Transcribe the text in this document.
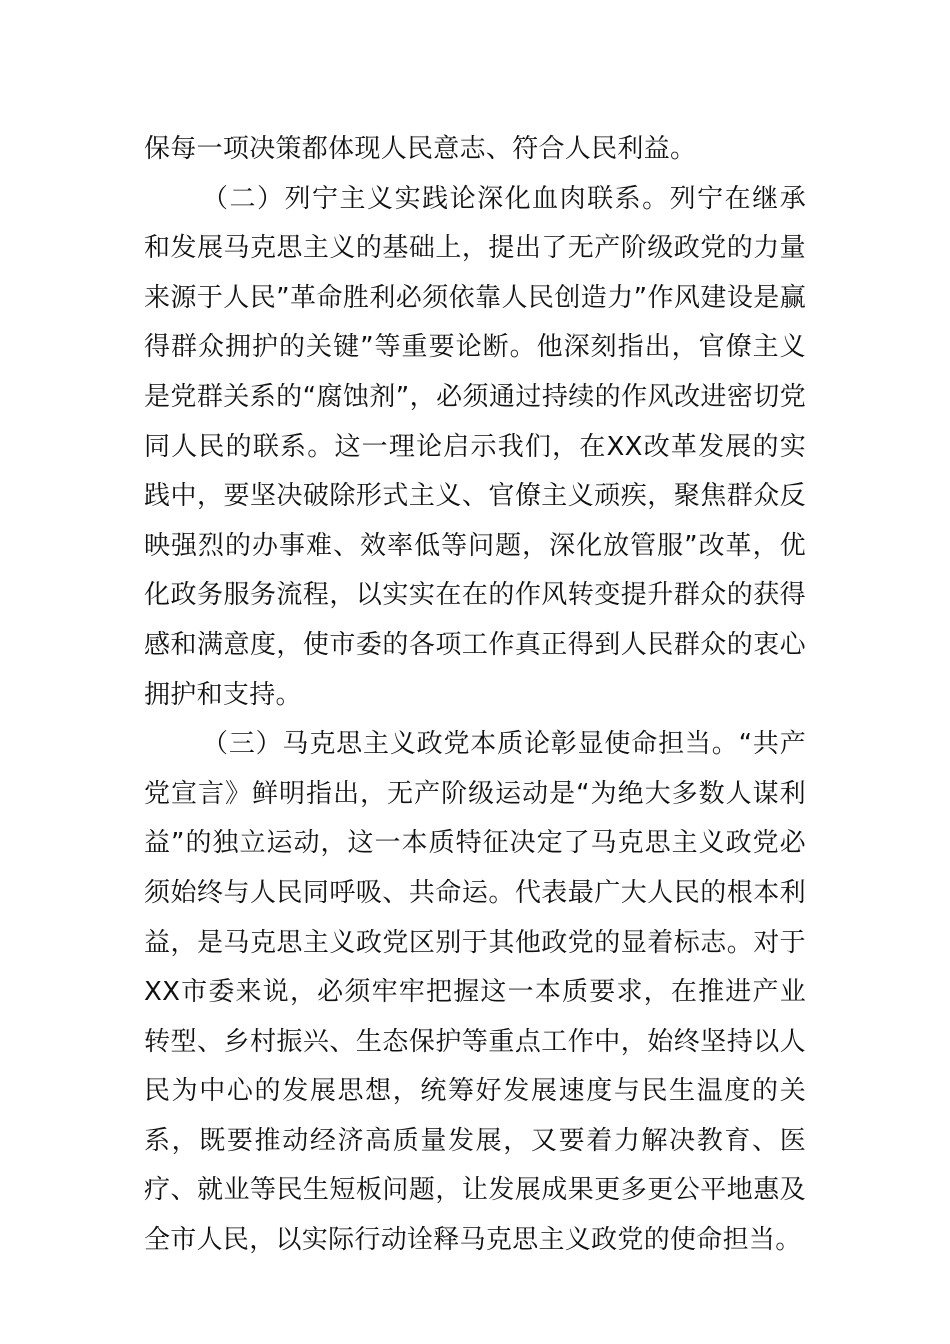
保每一项决策都体现人民意志、符合人民利益。

（二）列宁主义实践论深化血肉联系。列宁在继承和发展马克思主义的基础上，提出了无产阶级政党的力量来源于人民”革命胜利必须依靠人民创造力”作风建设是赢得群众拥护的关键”等重要论断。他深刻指出，官僚主义是党群关系的“腐蚀剂”，必须通过持续的作风改进密切党同人民的联系。这一理论启示我们，在XX改革发展的实践中，要坚决破除形式主义、官僚主义顽疾，聚焦群众反映强烈的办事难、效率低等问题，深化放管服”改革，优化政务服务流程，以实实在在的作风转变提升群众的获得感和满意度，使市委的各项工作真正得到人民群众的衷心拥护和支持。

（三）马克思主义政党本质论彰显使命担当。“共产党宣言》鲜明指出，无产阶级运动是“为绝大多数人谋利益”的独立运动，这一本质特征决定了马克思主义政党必须始终与人民同呼吸、共命运。代表最广大人民的根本利益，是马克思主义政党区别于其他政党的显着标志。对于XX市委来说，必须牢牢把握这一本质要求，在推进产业转型、乡村振兴、生态保护等重点工作中，始终坚持以人民为中心的发展思想，统筹好发展速度与民生温度的关系，既要推动经济高质量发展，又要着力解决教育、医疗、就业等民生短板问题，让发展成果更多更公平地惠及全市人民，以实际行动诠释马克思主义政党的使命担当。
